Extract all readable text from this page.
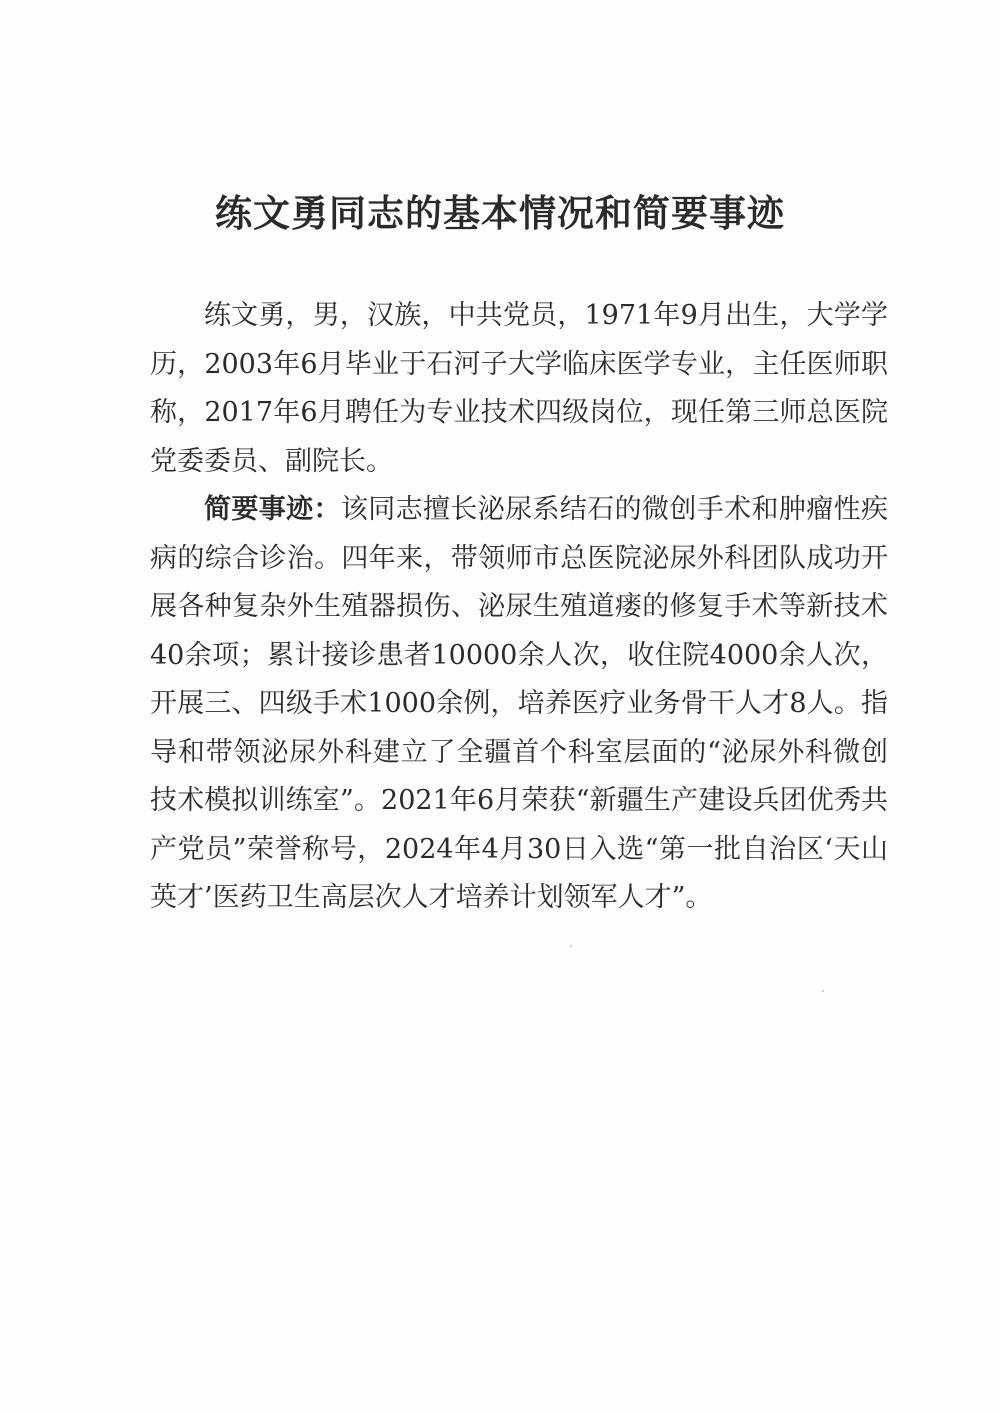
练文勇同志的基本情况和简要事迹

练文勇，男，汉族，中共党员，1971年9月出生，大学学历，2003年6月毕业于石河子大学临床医学专业，主任医师职称，2017年6月聘任为专业技术四级岗位，现任第三师总医院党委委员、副院长。

简要事迹：该同志擅长泌尿系结石的微创手术和肿瘤性疾病的综合诊治。四年来，带领师市总医院泌尿外科团队成功开展各种复杂外生殖器损伤、泌尿生殖道瘘的修复手术等新技术40余项；累计接诊患者10000余人次，收住院4000余人次，开展三、四级手术1000余例，培养医疗业务骨干人才8人。指导和带领泌尿外科建立了全疆首个科室层面的“泌尿外科微创技术模拟训练室”。2021年6月荣获“新疆生产建设兵团优秀共产党员”荣誉称号，2024年4月30日入选“第一批自治区‘天山英才’医药卫生高层次人才培养计划领军人才”。
